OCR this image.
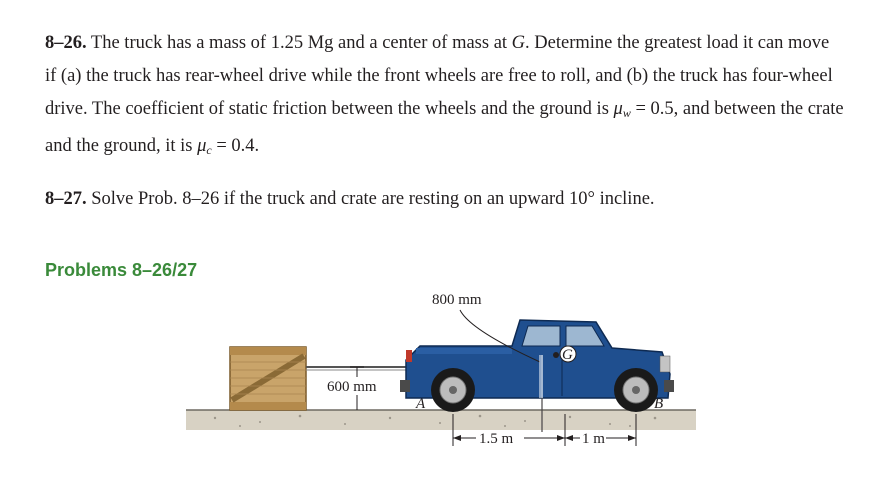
8–26. The truck has a mass of 1.25 Mg and a center of mass at G. Determine the greatest load it can move if (a) the truck has rear-wheel drive while the front wheels are free to roll, and (b) the truck has four-wheel drive. The coefficient of static friction between the wheels and the ground is $\mu_w = 0.5$, and between the crate and the ground, it is $\mu_c = 0.4$.

8–27. Solve Prob. 8–26 if the truck and crate are resting on an upward 10° incline.

Problems 8–26/27
600 mm
G
800 mm
A	B
1.5 m	1 m
